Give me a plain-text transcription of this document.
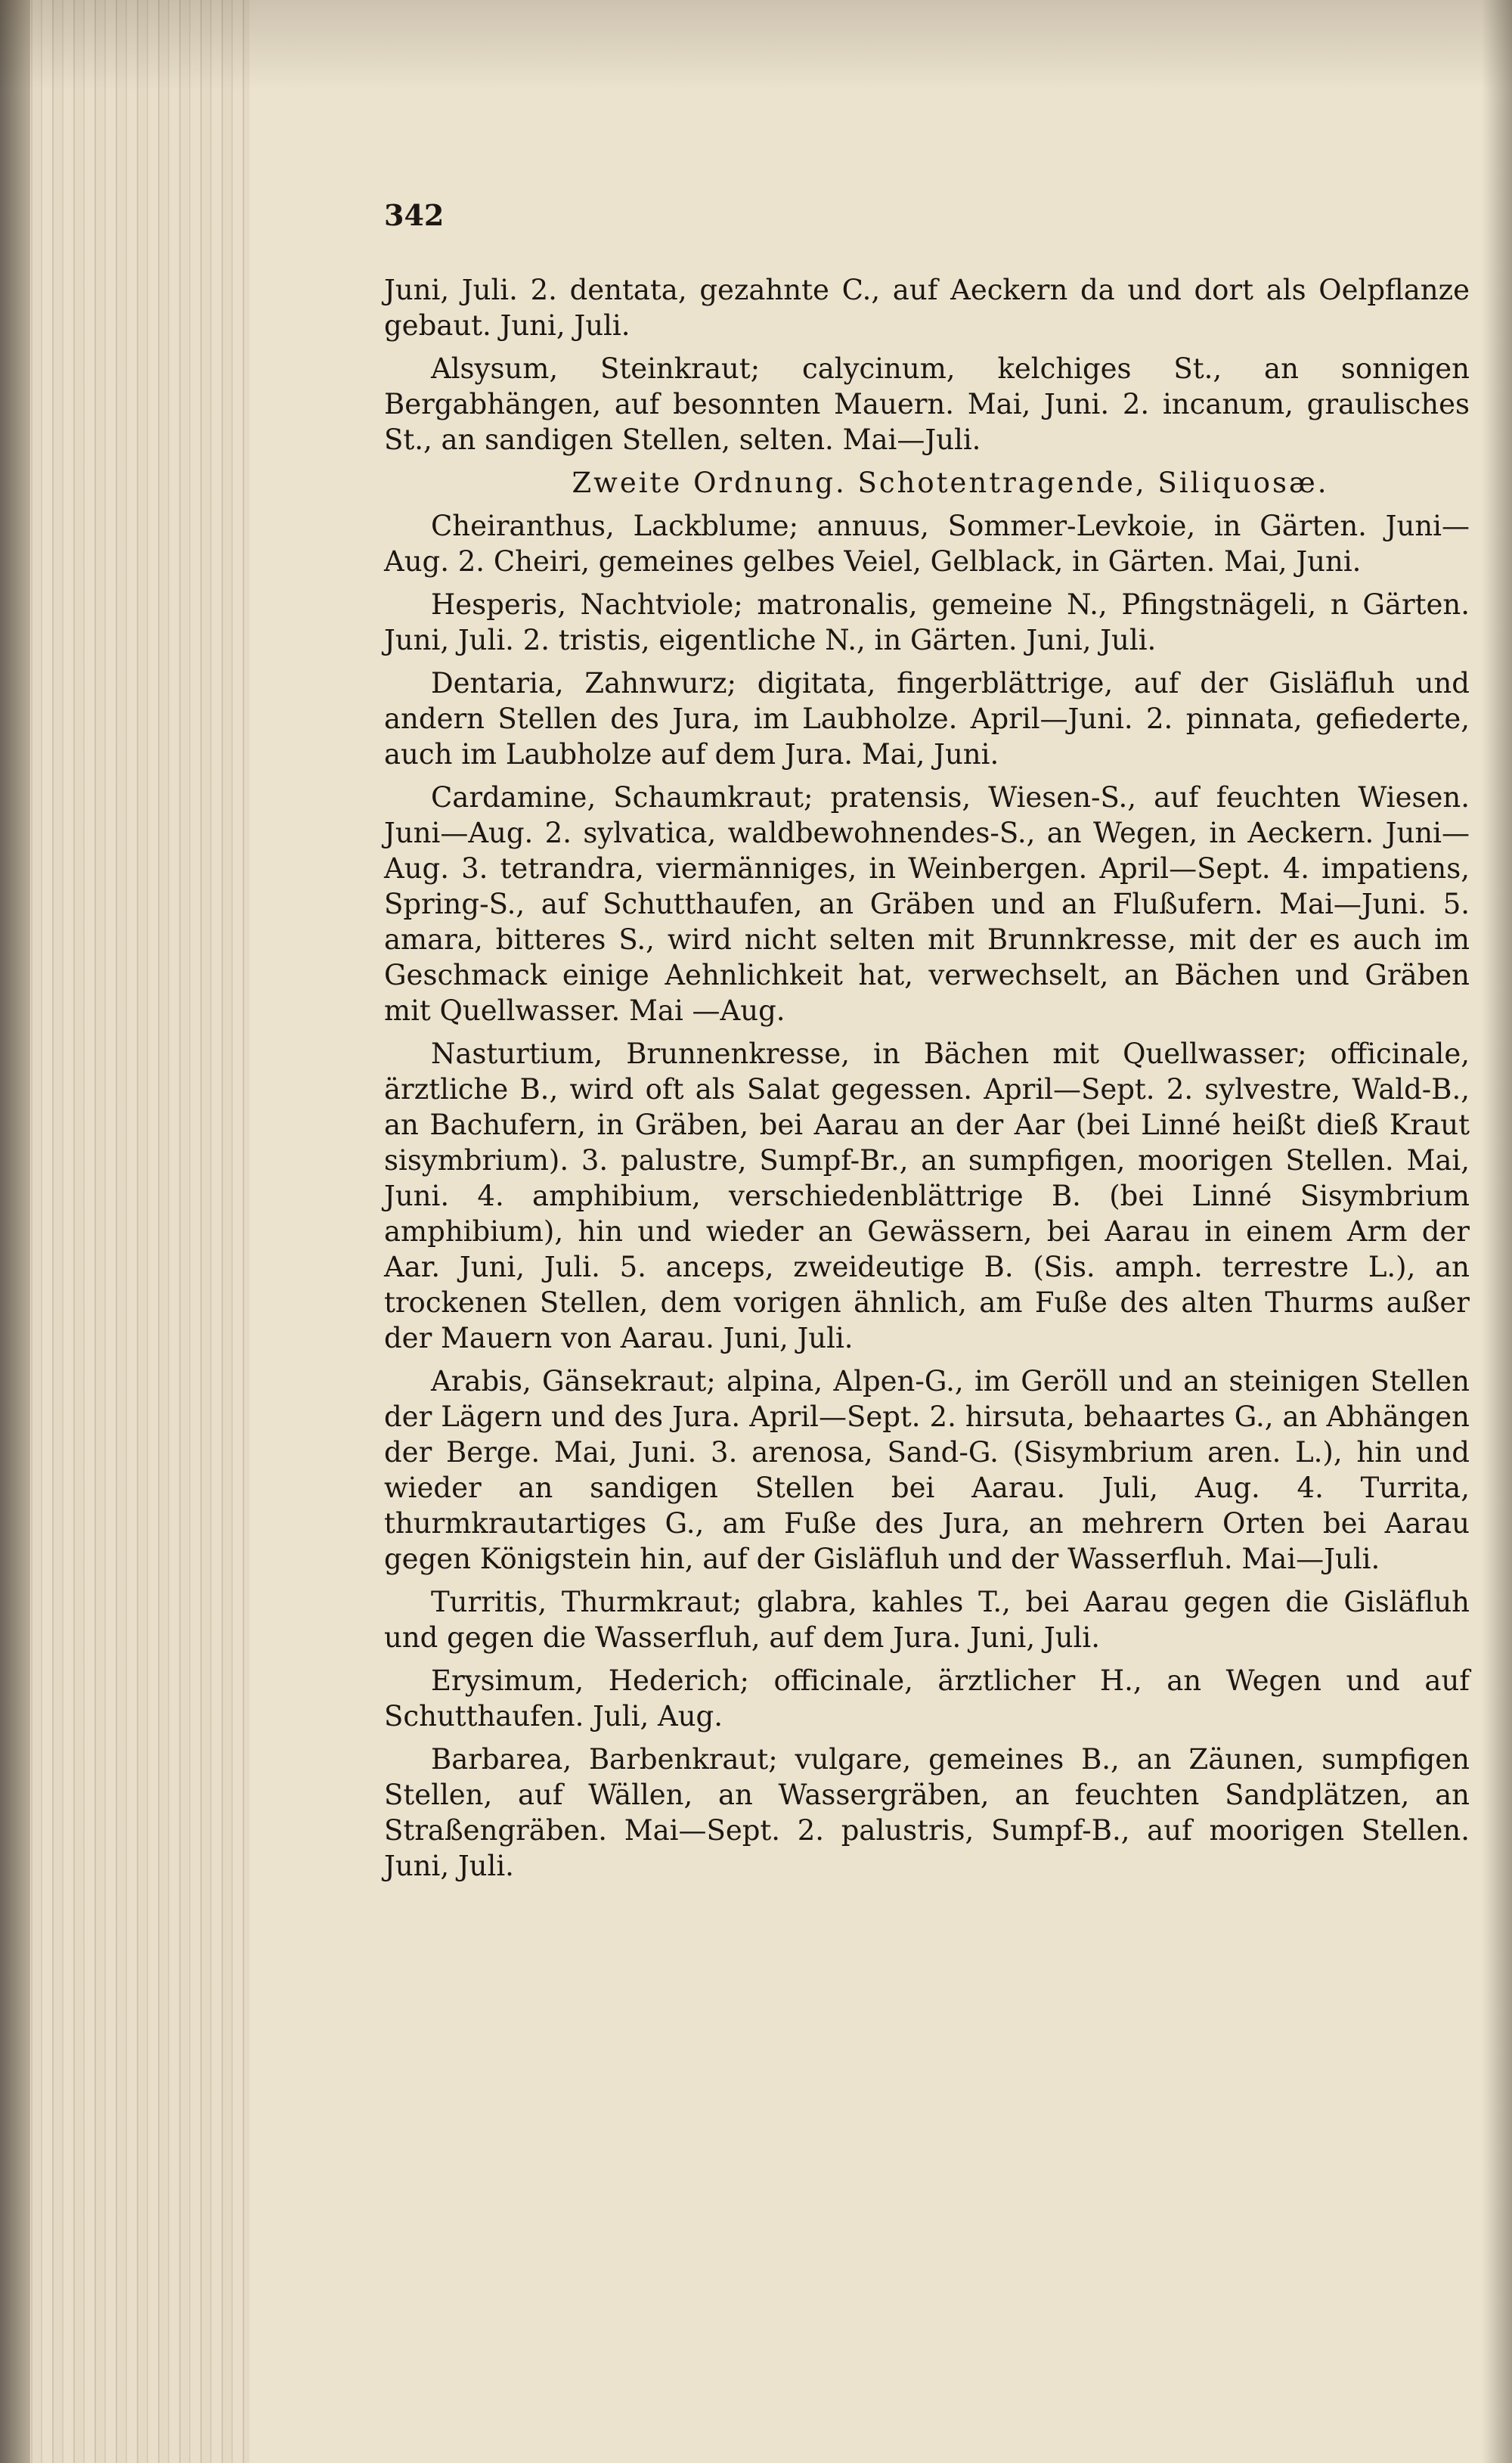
342

Juni, Juli. 2. dentata, gezahnte C., auf Aeckern da und dort als Oelpflanze gebaut. Juni, Juli.

Alsysum, Steinkraut; calycinum, kelchiges St., an sonnigen Bergabhängen, auf besonnten Mauern. Mai, Juni. 2. incanum, graulisches St., an sandigen Stellen, selten. Mai—Juli.

Zweite Ordnung. Schotentragende, Siliquosæ.

Cheiranthus, Lackblume; annuus, Sommer-Levkoie, in Gärten. Juni—Aug. 2. Cheiri, gemeines gelbes Veiel, Gelblack, in Gärten. Mai, Juni.

Hesperis, Nachtviole; matronalis, gemeine N., Pfingstnägeli, n Gärten. Juni, Juli. 2. tristis, eigentliche N., in Gärten. Juni, Juli.

Dentaria, Zahnwurz; digitata, fingerblättrige, auf der Gisläfluh und andern Stellen des Jura, im Laubholze. April—Juni. 2. pinnata, gefiederte, auch im Laubholze auf dem Jura. Mai, Juni.

Cardamine, Schaumkraut; pratensis, Wiesen-S., auf feuchten Wiesen. Juni—Aug. 2. sylvatica, waldbewohnendes-S., an Wegen, in Aeckern. Juni—Aug. 3. tetrandra, viermänniges, in Weinbergen. April—Sept. 4. impatiens, Spring-S., auf Schutthaufen, an Gräben und an Flußufern. Mai—Juni. 5. amara, bitteres S., wird nicht selten mit Brunnkresse, mit der es auch im Geschmack einige Aehnlichkeit hat, verwechselt, an Bächen und Gräben mit Quellwasser. Mai —Aug.

Nasturtium, Brunnenkresse, in Bächen mit Quellwasser; officinale, ärztliche B., wird oft als Salat gegessen. April—Sept. 2. sylvestre, Wald-B., an Bachufern, in Gräben, bei Aarau an der Aar (bei Linné heißt dieß Kraut sisymbrium). 3. palustre, Sumpf-Br., an sumpfigen, moorigen Stellen. Mai, Juni. 4. amphibium, verschiedenblättrige B. (bei Linné Sisymbrium amphibium), hin und wieder an Gewässern, bei Aarau in einem Arm der Aar. Juni, Juli. 5. anceps, zweideutige B. (Sis. amph. terrestre L.), an trockenen Stellen, dem vorigen ähnlich, am Fuße des alten Thurms außer der Mauern von Aarau. Juni, Juli.

Arabis, Gänsekraut; alpina, Alpen-G., im Geröll und an steinigen Stellen der Lägern und des Jura. April—Sept. 2. hirsuta, behaartes G., an Abhängen der Berge. Mai, Juni. 3. arenosa, Sand-G. (Sisymbrium aren. L.), hin und wieder an sandigen Stellen bei Aarau. Juli, Aug. 4. Turrita, thurmkrautartiges G., am Fuße des Jura, an mehrern Orten bei Aarau gegen Königstein hin, auf der Gisläfluh und der Wasserfluh. Mai—Juli.

Turritis, Thurmkraut; glabra, kahles T., bei Aarau gegen die Gisläfluh und gegen die Wasserfluh, auf dem Jura. Juni, Juli.

Erysimum, Hederich; officinale, ärztlicher H., an Wegen und auf Schutthaufen. Juli, Aug.

Barbarea, Barbenkraut; vulgare, gemeines B., an Zäunen, sumpfigen Stellen, auf Wällen, an Wassergräben, an feuchten Sandplätzen, an Straßengräben. Mai—Sept. 2. palustris, Sumpf-B., auf moorigen Stellen. Juni, Juli.
